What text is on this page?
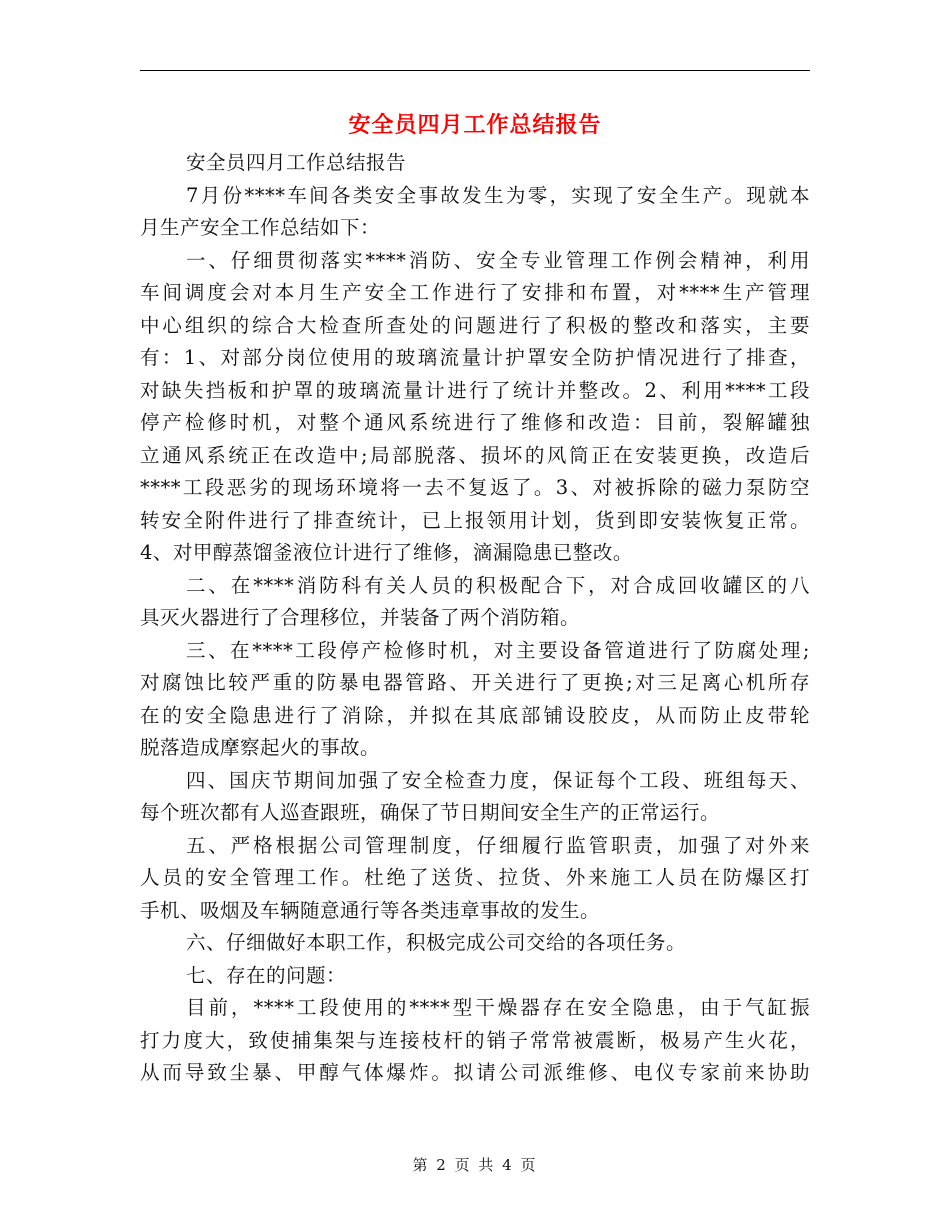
安全员四月工作总结报告
安全员四月工作总结报告
7月份****车间各类安全事故发生为零，实现了安全生产。现就本
月生产安全工作总结如下：
一、仔细贯彻落实****消防、安全专业管理工作例会精神，利用
车间调度会对本月生产安全工作进行了安排和布置，对****生产管理
中心组织的综合大检查所查处的问题进行了积极的整改和落实，主要
有：1、对部分岗位使用的玻璃流量计护罩安全防护情况进行了排查，
对缺失挡板和护罩的玻璃流量计进行了统计并整改。2、利用****工段
停产检修时机，对整个通风系统进行了维修和改造：目前，裂解罐独
立通风系统正在改造中;局部脱落、损坏的风筒正在安装更换，改造后
****工段恶劣的现场环境将一去不复返了。3、对被拆除的磁力泵防空
转安全附件进行了排查统计，已上报领用计划，货到即安装恢复正常。
4、对甲醇蒸馏釜液位计进行了维修，滴漏隐患已整改。
二、在****消防科有关人员的积极配合下，对合成回收罐区的八
具灭火器进行了合理移位，并装备了两个消防箱。
三、在****工段停产检修时机，对主要设备管道进行了防腐处理;
对腐蚀比较严重的防暴电器管路、开关进行了更换;对三足离心机所存
在的安全隐患进行了消除，并拟在其底部铺设胶皮，从而防止皮带轮
脱落造成摩察起火的事故。
四、国庆节期间加强了安全检查力度，保证每个工段、班组每天、
每个班次都有人巡查跟班，确保了节日期间安全生产的正常运行。
五、严格根据公司管理制度，仔细履行监管职责，加强了对外来
人员的安全管理工作。杜绝了送货、拉货、外来施工人员在防爆区打
手机、吸烟及车辆随意通行等各类违章事故的发生。
六、仔细做好本职工作，积极完成公司交给的各项任务。
七、存在的问题：
目前，****工段使用的****型干燥器存在安全隐患，由于气缸振
打力度大，致使捕集架与连接枝杆的销子常常被震断，极易产生火花，
从而导致尘暴、甲醇气体爆炸。拟请公司派维修、电仪专家前来协助
第 2 页 共 4 页
